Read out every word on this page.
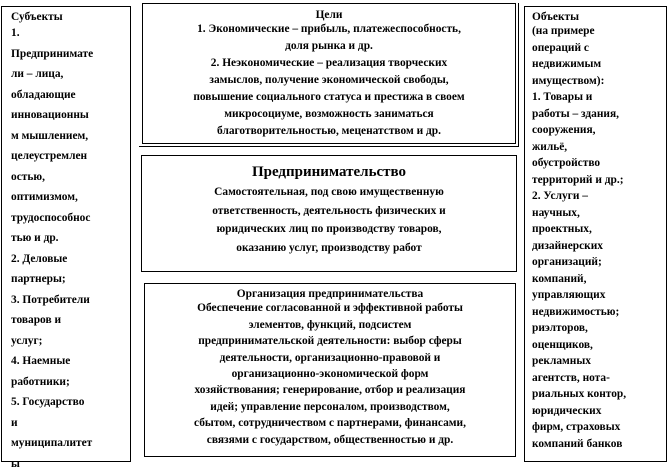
Субъекты
1.
Предпринимате
ли – лица,
обладающие
инновационны
м мышлением,
целеустремлен
остью,
оптимизмом,
трудоспособнос
тью и др.
2. Деловые
партнеры;
3. Потребители
товаров и
услуг;
4. Наемные
работники;
5. Государство
и
муниципалитет
ы
Цели
1. Экономические – прибыль, платежеспособность,
доля рынка и др.
2. Неэкономические – реализация творческих
замыслов, получение экономической свободы,
повышение социального статуса и престижа в своем
микросоциуме, возможность заниматься
благотворительностью, меценатством и др.
Предпринимательство
Самостоятельная, под свою имущественную
ответственность, деятельность физических и
юридических лиц по производству товаров,
оказанию услуг, производству работ
Организация предпринимательства
Обеспечение согласованной и эффективной работы
элементов, функций, подсистем
предпринимательской деятельности: выбор сферы
деятельности, организационно-правовой и
организационно-экономической форм
хозяйствования; генерирование, отбор и реализация
идей; управление персоналом, производством,
сбытом, сотрудничеством с партнерами, финансами,
связями с государством, общественностью и др.
Объекты
(на примере
операций с
недвижимым
имуществом):
1. Товары и
работы – здания,
сооружения,
жильё,
обустройство
территорий и др.;
2. Услуги –
научных,
проектных,
дизайнерских
организаций;
компаний,
управляющих
недвижимостью;
риэлторов,
оценщиков,
рекламных
агентств, нота-
риальных контор,
юридических
фирм, страховых
компаний банков
